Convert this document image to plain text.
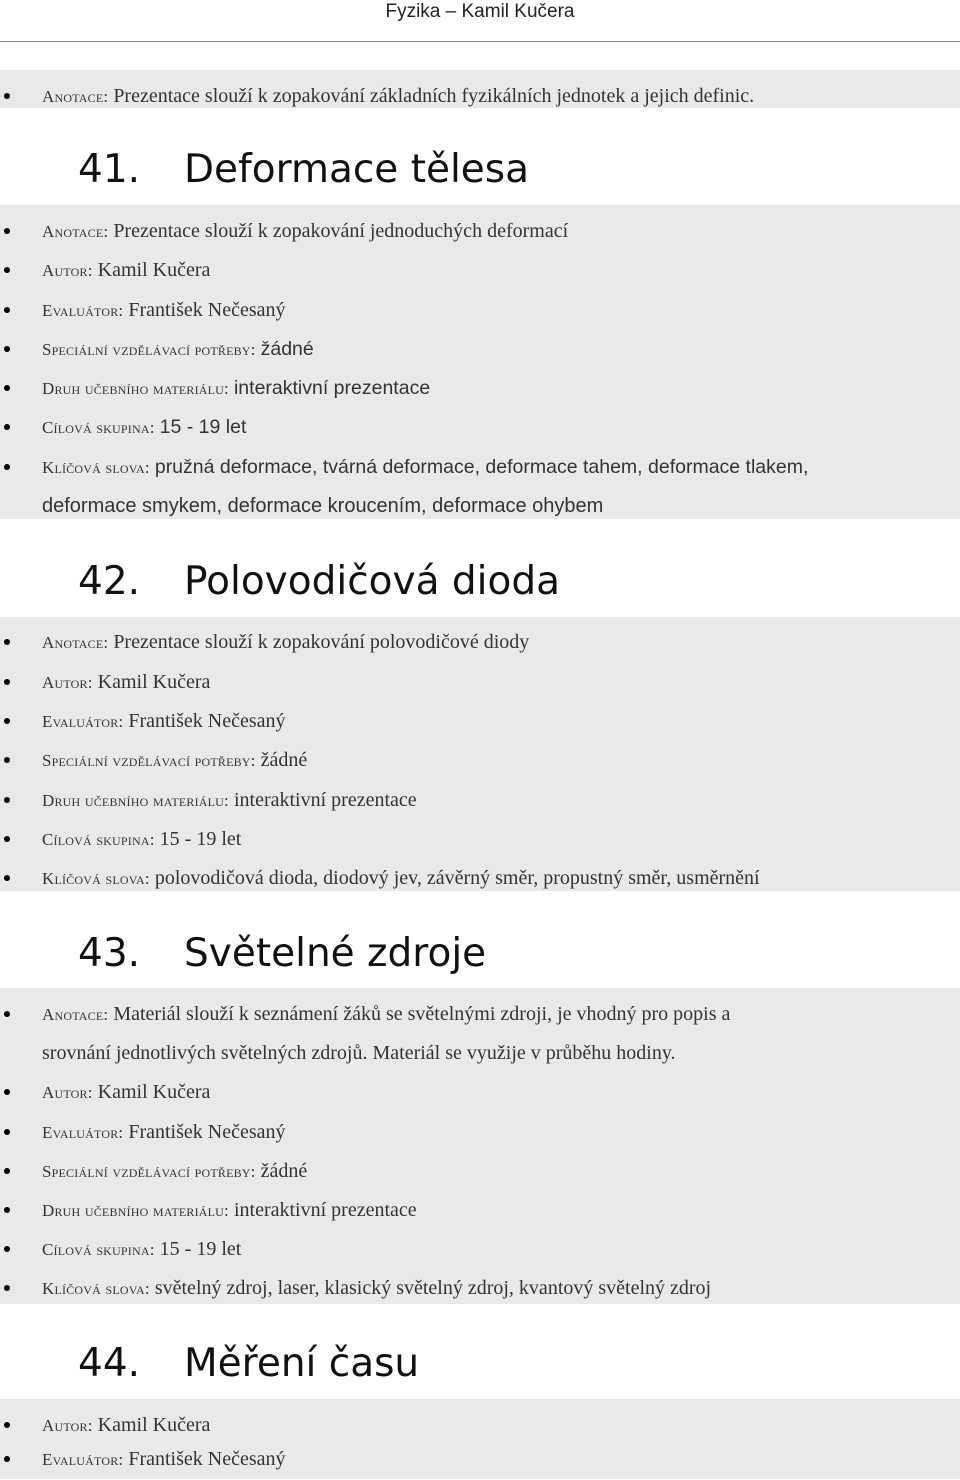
Fyzika – Kamil Kučera
Anotace: Prezentace slouží k zopakování základních fyzikálních jednotek a jejich definic.
41. Deformace tělesa
Anotace: Prezentace slouží k zopakování jednoduchých deformací
Autor: Kamil Kučera
Evaluátor: František Nečesaný
Speciální vzdělávací potřeby: žádné
Druh učebního materiálu: interaktivní prezentace
Cílová skupina: 15 - 19 let
Klíčová slova: pružná deformace, tvárná deformace, deformace tahem, deformace tlakem,
deformace smykem, deformace kroucením, deformace ohybem
42. Polovodičová dioda
Anotace: Prezentace slouží k zopakování polovodičové diody
Autor: Kamil Kučera
Evaluátor: František Nečesaný
Speciální vzdělávací potřeby: žádné
Druh učebního materiálu: interaktivní prezentace
Cílová skupina: 15 - 19 let
Klíčová slova: polovodičová dioda, diodový jev, závěrný směr, propustný směr, usměrnění
43. Světelné zdroje
Anotace: Materiál slouží k seznámení žáků se světelnými zdroji, je vhodný pro popis a
srovnání jednotlivých světelných zdrojů. Materiál se využije v průběhu hodiny.
Autor: Kamil Kučera
Evaluátor: František Nečesaný
Speciální vzdělávací potřeby: žádné
Druh učebního materiálu: interaktivní prezentace
Cílová skupina: 15 - 19 let
Klíčová slova: světelný zdroj, laser, klasický světelný zdroj, kvantový světelný zdroj
44. Měření času
Autor: Kamil Kučera
Evaluátor: František Nečesaný
